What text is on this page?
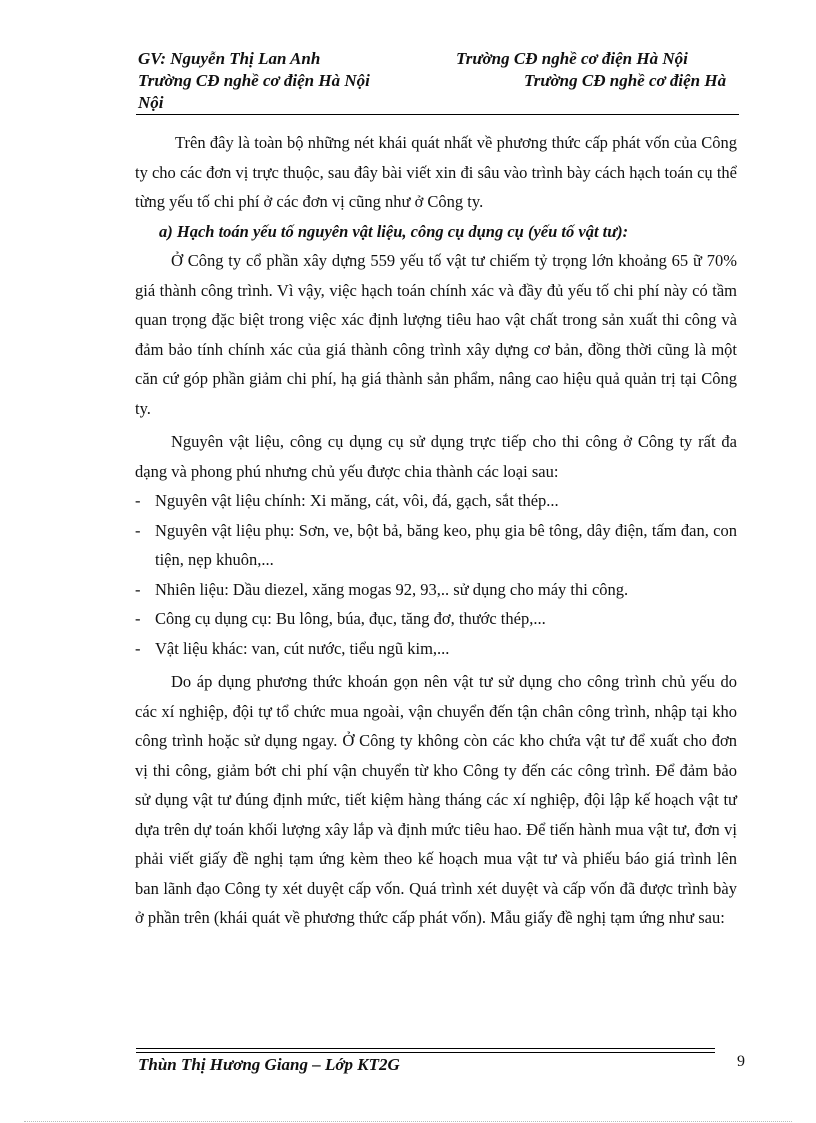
GV: Nguyễn Thị Lan Anh	Trường CĐ nghề cơ điện Hà Nội
Trường CĐ nghề cơ điện Hà Nội	Trường CĐ nghề cơ điện Hà
Nội

Trên đây là toàn bộ những nét khái quát nhất về phương thức cấp phát vốn của Công ty cho các đơn vị trực thuộc, sau đây bài viết xin đi sâu vào trình bày cách hạch toán cụ thể từng yếu tố chi phí ở các đơn vị cũng như ở Công ty.

a) Hạch toán yếu tố nguyên vật liệu, công cụ dụng cụ (yếu tố vật tư):

Ở Công ty cổ phần xây dựng 559 yếu tố vật tư chiếm tỷ trọng lớn khoảng 65 ữ 70% giá thành công trình. Vì vậy, việc hạch toán chính xác và đầy đủ yếu tố chi phí này có tầm quan trọng đặc biệt trong việc xác định lượng tiêu hao vật chất trong sản xuất thi công và đảm bảo tính chính xác của giá thành công trình xây dựng cơ bản, đồng thời cũng là một căn cứ góp phần giảm chi phí, hạ giá thành sản phẩm, nâng cao hiệu quả quản trị tại Công ty.

Nguyên vật liệu, công cụ dụng cụ sử dụng trực tiếp cho thi công ở Công ty rất đa dạng và phong phú nhưng chủ yếu được chia thành các loại sau:

- Nguyên vật liệu chính: Xi măng, cát, vôi, đá, gạch, sắt thép...
- Nguyên vật liệu phụ: Sơn, ve, bột bả, băng keo, phụ gia bê tông, dây điện, tấm đan, con tiện, nẹp khuôn,...
- Nhiên liệu: Dầu diezel, xăng mogas 92, 93,.. sử dụng cho máy thi công.
- Công cụ dụng cụ: Bu lông, búa, đục, tăng đơ, thước thép,...
- Vật liệu khác: van, cút nước, tiểu ngũ kim,...

Do áp dụng phương thức khoán gọn nên vật tư sử dụng cho công trình chủ yếu do các xí nghiệp, đội tự tổ chức mua ngoài, vận chuyển đến tận chân công trình, nhập tại kho công trình hoặc sử dụng ngay. Ở Công ty không còn các kho chứa vật tư để xuất cho đơn vị thi công, giảm bớt chi phí vận chuyển từ kho Công ty đến các công trình. Để đảm bảo sử dụng vật tư đúng định mức, tiết kiệm hàng tháng các xí nghiệp, đội lập kế hoạch vật tư dựa trên dự toán khối lượng xây lắp và định mức tiêu hao. Để tiến hành mua vật tư, đơn vị phải viết giấy đề nghị tạm ứng kèm theo kế hoạch mua vật tư và phiếu báo giá trình lên ban lãnh đạo Công ty xét duyệt cấp vốn. Quá trình xét duyệt và cấp vốn đã được trình bày ở phần trên (khái quát về phương thức cấp phát vốn). Mẫu giấy đề nghị tạm ứng như sau:

Thùn Thị Hương Giang – Lớp KT2G	9
